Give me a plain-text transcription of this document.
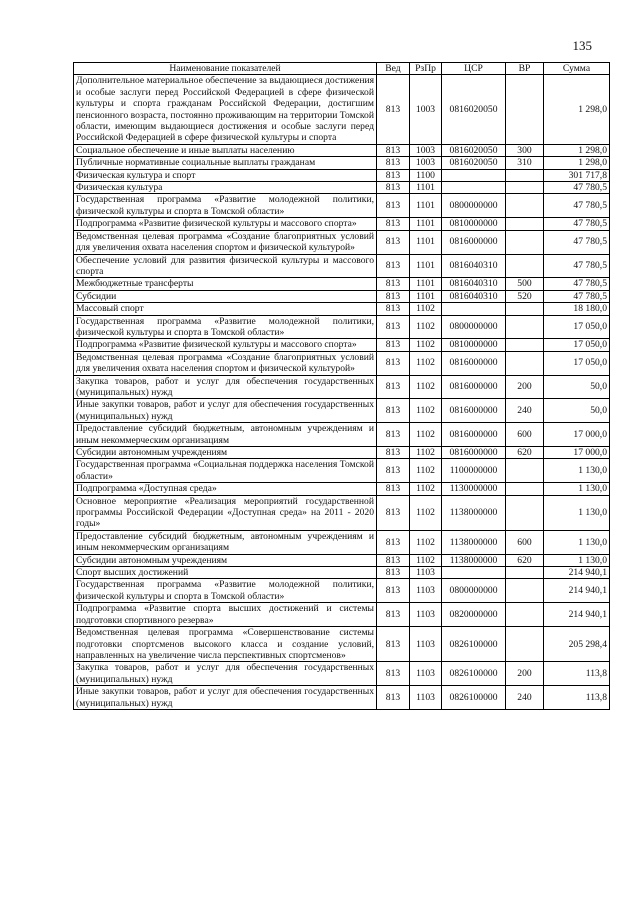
135
Наименование показателей	Вед	РзПр	ЦСР	ВР	Сумма
Дополнительное материальное обеспечение за выдающиеся достижения и особые заслуги перед Российской Федерацией в сфере физической культуры и спорта гражданам Российской Федерации, достигшим пенсионного возраста, постоянно проживающим на территории Томской области, имеющим выдающиеся достижения и особые заслуги перед Российской Федерацией в сфере физической культуры и спорта	813	1003	0816020050		1 298,0
Социальное обеспечение и иные выплаты населению	813	1003	0816020050	300	1 298,0
Публичные нормативные социальные выплаты гражданам	813	1003	0816020050	310	1 298,0
Физическая культура и спорт	813	1100			301 717,8
Физическая культура	813	1101			47 780,5
Государственная программа «Развитие молодежной политики, физической культуры и спорта в Томской области»	813	1101	0800000000		47 780,5
Подпрограмма «Развитие физической культуры и массового спорта»	813	1101	0810000000		47 780,5
Ведомственная целевая программа «Создание благоприятных условий для увеличения охвата населения спортом и физической культурой»	813	1101	0816000000		47 780,5
Обеспечение условий для развития физической культуры и массового спорта	813	1101	0816040310		47 780,5
Межбюджетные трансферты	813	1101	0816040310	500	47 780,5
Субсидии	813	1101	0816040310	520	47 780,5
Массовый спорт	813	1102			18 180,0
Государственная программа «Развитие молодежной политики, физической культуры и спорта в Томской области»	813	1102	0800000000		17 050,0
Подпрограмма «Развитие физической культуры и массового спорта»	813	1102	0810000000		17 050,0
Ведомственная целевая программа «Создание благоприятных условий для увеличения охвата населения спортом и физической культурой»	813	1102	0816000000		17 050,0
Закупка товаров, работ и услуг для обеспечения государственных (муниципальных) нужд	813	1102	0816000000	200	50,0
Иные закупки товаров, работ и услуг для обеспечения государственных (муниципальных) нужд	813	1102	0816000000	240	50,0
Предоставление субсидий бюджетным, автономным учреждениям и иным некоммерческим организациям	813	1102	0816000000	600	17 000,0
Субсидии автономным учреждениям	813	1102	0816000000	620	17 000,0
Государственная программа «Социальная поддержка населения Томской области»	813	1102	1100000000		1 130,0
Подпрограмма «Доступная среда»	813	1102	1130000000		1 130,0
Основное мероприятие «Реализация мероприятий государственной программы Российской Федерации «Доступная среда» на 2011 - 2020 годы»	813	1102	1138000000		1 130,0
Предоставление субсидий бюджетным, автономным учреждениям и иным некоммерческим организациям	813	1102	1138000000	600	1 130,0
Субсидии автономным учреждениям	813	1102	1138000000	620	1 130,0
Спорт высших достижений	813	1103			214 940,1
Государственная программа «Развитие молодежной политики, физической культуры и спорта в Томской области»	813	1103	0800000000		214 940,1
Подпрограмма «Развитие спорта высших достижений и системы подготовки спортивного резерва»	813	1103	0820000000		214 940,1
Ведомственная целевая программа «Совершенствование системы подготовки спортсменов высокого класса и создание условий, направленных на увеличение числа перспективных спортсменов»	813	1103	0826100000		205 298,4
Закупка товаров, работ и услуг для обеспечения государственных (муниципальных) нужд	813	1103	0826100000	200	113,8
Иные закупки товаров, работ и услуг для обеспечения государственных (муниципальных) нужд	813	1103	0826100000	240	113,8
